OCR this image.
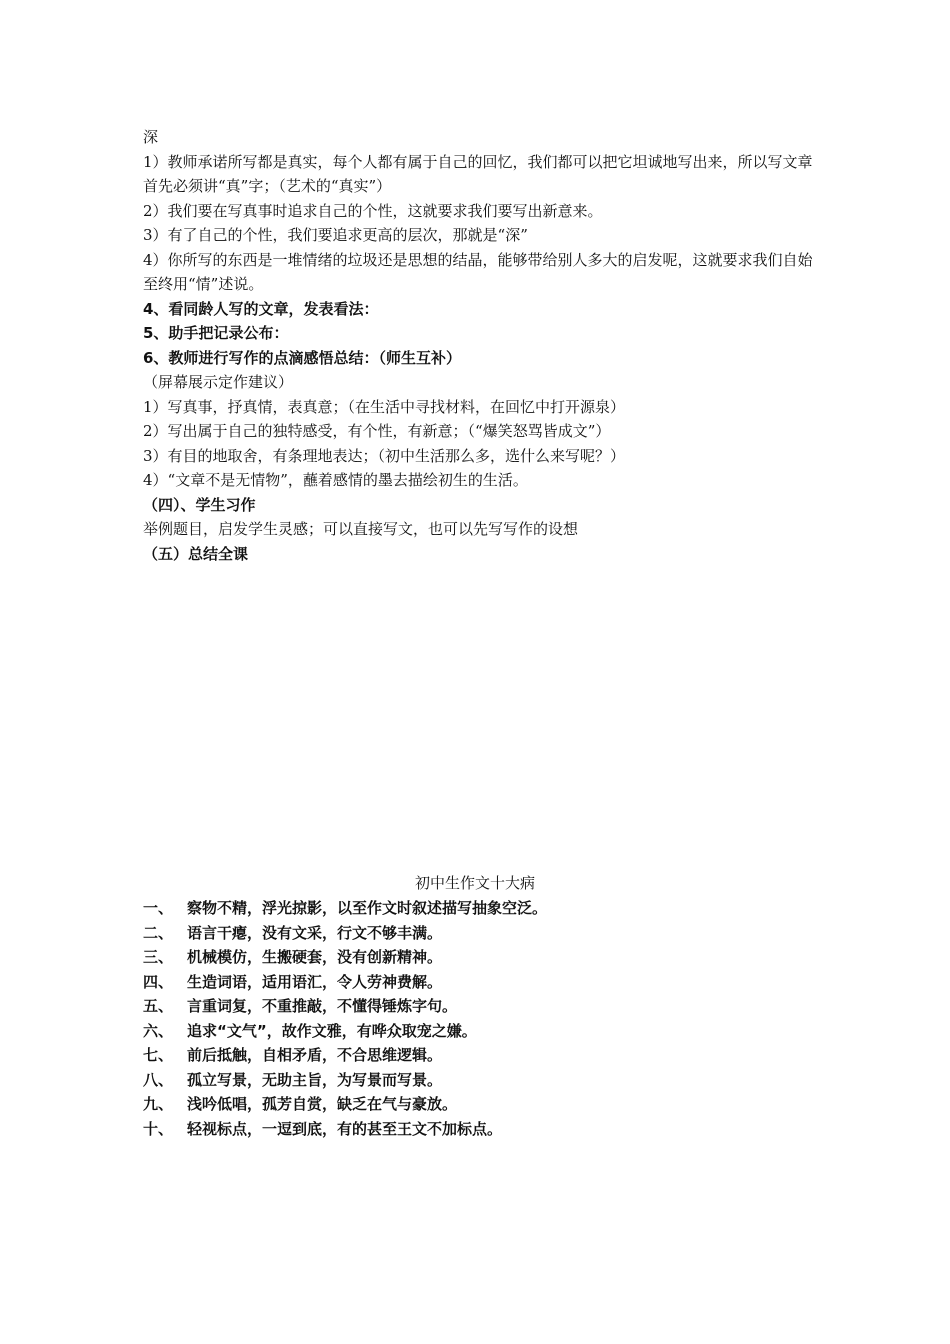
深
1）教师承诺所写都是真实，每个人都有属于自己的回忆，我们都可以把它坦诚地写出来，所以写文章首先必须讲“真”字；（艺术的“真实”）
2）我们要在写真事时追求自己的个性，这就要求我们要写出新意来。
3）有了自己的个性，我们要追求更高的层次，那就是“深”
4）你所写的东西是一堆情绪的垃圾还是思想的结晶，能够带给别人多大的启发呢，这就要求我们自始至终用“情”述说。
4、看同龄人写的文章，发表看法：
5、助手把记录公布：
6、教师进行写作的点滴感悟总结：（师生互补）
（屏幕展示定作建议）
1）写真事，抒真情，表真意；（在生活中寻找材料，在回忆中打开源泉）
2）写出属于自己的独特感受，有个性，有新意；（“爆笑怒骂皆成文”）
3）有目的地取舍，有条理地表达；（初中生活那么多，选什么来写呢？）
4）“文章不是无情物”，蘸着感情的墨去描绘初生的生活。
（四）、学生习作
举例题目，启发学生灵感；可以直接写文，也可以先写写作的设想
（五）总结全课
初中生作文十大病
一、 察物不精，浮光掠影，以至作文时叙述描写抽象空泛。
二、 语言干瘪，没有文采，行文不够丰满。
三、 机械模仿，生搬硬套，没有创新精神。
四、 生造词语，适用语汇，令人劳神费解。
五、 言重词复，不重推敲，不懂得锤炼字句。
六、 追求“文气”，故作文雅，有哗众取宠之嫌。
七、 前后抵触，自相矛盾，不合思维逻辑。
八、 孤立写景，无助主旨，为写景而写景。
九、 浅吟低唱，孤芳自赏，缺乏在气与豪放。
十、 轻视标点，一逗到底，有的甚至王文不加标点。
